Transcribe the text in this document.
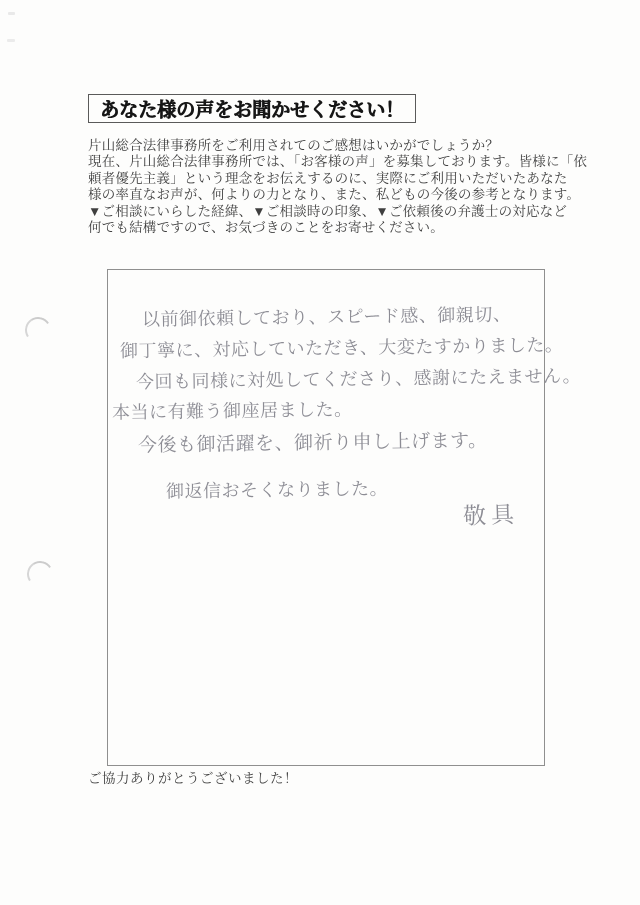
あなた様の声をお聞かせください！
片山総合法律事務所をご利用されてのご感想はいかがでしょうか？
現在、片山総合法律事務所では、「お客様の声」を募集しております。皆様に「依
頼者優先主義」という理念をお伝えするのに、実際にご利用いただいたあなた
様の率直なお声が、何よりの力となり、また、私どもの今後の参考となります。
▼ご相談にいらした経緯、▼ご相談時の印象、▼ご依頼後の弁護士の対応など
何でも結構ですので、お気づきのことをお寄せください。
以前御依頼しており、スピード感、御親切、
御丁寧に、対応していただき、大変たすかりました。
今回も同様に対処してくださり、感謝にたえません。
本当に有難う御座居ました。
今後も御活躍を、御祈り申し上げます。
御返信おそくなりました。
敬具
ご協力ありがとうございました！
